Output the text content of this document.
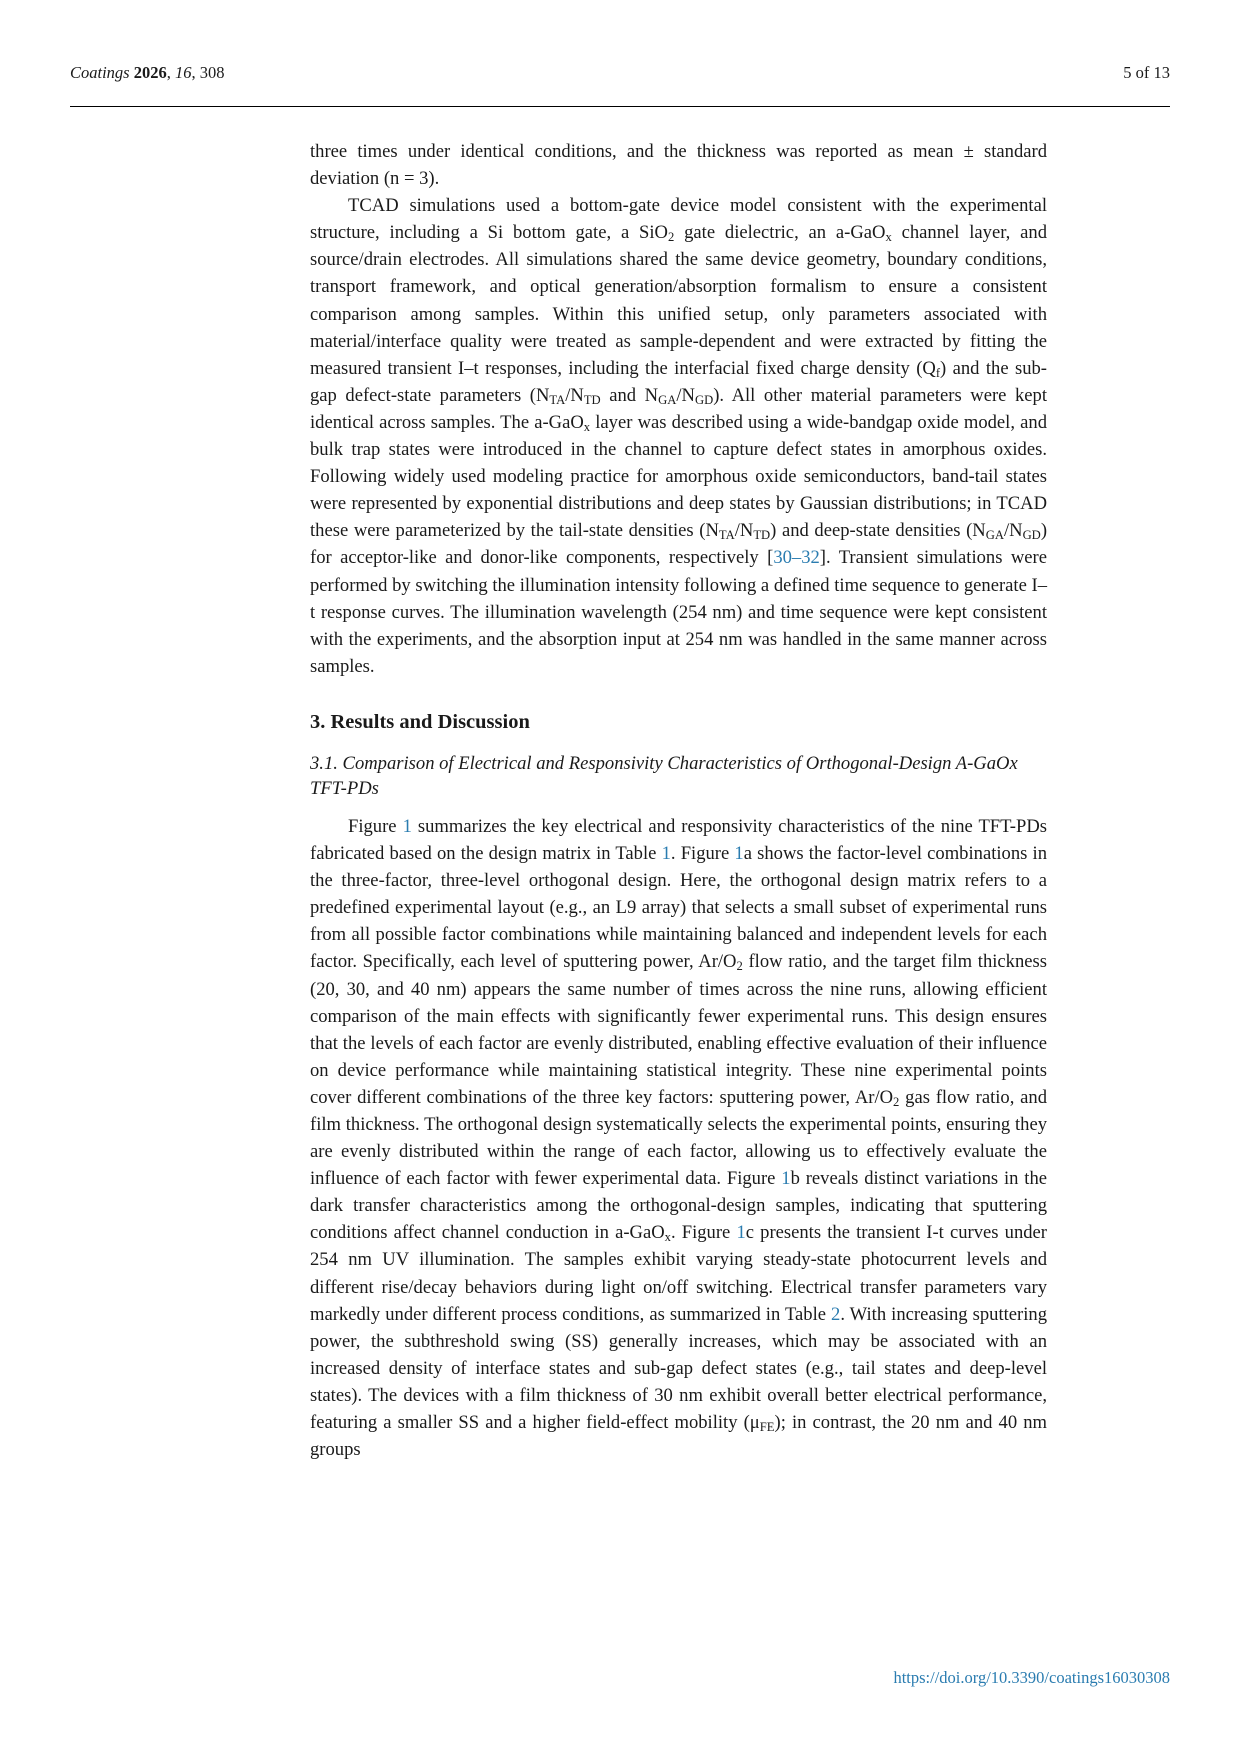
Coatings 2026, 16, 308	5 of 13

three times under identical conditions, and the thickness was reported as mean ± standard deviation (n = 3).

TCAD simulations used a bottom-gate device model consistent with the experimental structure, including a Si bottom gate, a SiO$_2$ gate dielectric, an a-GaO$_x$ channel layer, and source/drain electrodes. All simulations shared the same device geometry, boundary conditions, transport framework, and optical generation/absorption formalism to ensure a consistent comparison among samples. Within this unified setup, only parameters associated with material/interface quality were treated as sample-dependent and were extracted by fitting the measured transient I–t responses, including the interfacial fixed charge density $(Q_f)$ and the sub-gap defect-state parameters ($N_{TA}/N_{TD}$ and $N_{GA}/N_{GD}$). All other material parameters were kept identical across samples. The a-GaO$_x$ layer was described using a wide-bandgap oxide model, and bulk trap states were introduced in the channel to capture defect states in amorphous oxides. Following widely used modeling practice for amorphous oxide semiconductors, band-tail states were represented by exponential distributions and deep states by Gaussian distributions; in TCAD these were parameterized by the tail-state densities $(N_{TA}/N_{TD})$ and deep-state densities $(N_{GA}/N_{GD})$ for acceptor-like and donor-like components, respectively [30–32]. Transient simulations were performed by switching the illumination intensity following a defined time sequence to generate I–t response curves. The illumination wavelength (254 nm) and time sequence were kept consistent with the experiments, and the absorption input at 254 nm was handled in the same manner across samples.

3. Results and Discussion
3.1. Comparison of Electrical and Responsivity Characteristics of Orthogonal-Design A-GaOx TFT-PDs

Figure 1 summarizes the key electrical and responsivity characteristics of the nine TFT-PDs fabricated based on the design matrix in Table 1. Figure 1a shows the factor-level combinations in the three-factor, three-level orthogonal design. Here, the orthogonal design matrix refers to a predefined experimental layout (e.g., an L9 array) that selects a small subset of experimental runs from all possible factor combinations while maintaining balanced and independent levels for each factor. Specifically, each level of sputtering power, $Ar/O_2$ flow ratio, and the target film thickness (20, 30, and 40 nm) appears the same number of times across the nine runs, allowing efficient comparison of the main effects with significantly fewer experimental runs. This design ensures that the levels of each factor are evenly distributed, enabling effective evaluation of their influence on device performance while maintaining statistical integrity. These nine experimental points cover different combinations of the three key factors: sputtering power, $Ar/O_2$ gas flow ratio, and film thickness. The orthogonal design systematically selects the experimental points, ensuring they are evenly distributed within the range of each factor, allowing us to effectively evaluate the influence of each factor with fewer experimental data. Figure 1b reveals distinct variations in the dark transfer characteristics among the orthogonal-design samples, indicating that sputtering conditions affect channel conduction in a-GaO$_x$. Figure 1c presents the transient I-t curves under 254 nm UV illumination. The samples exhibit varying steady-state photocurrent levels and different rise/decay behaviors during light on/off switching. Electrical transfer parameters vary markedly under different process conditions, as summarized in Table 2. With increasing sputtering power, the subthreshold swing (SS) generally increases, which may be associated with an increased density of interface states and sub-gap defect states (e.g., tail states and deep-level states). The devices with a film thickness of 30 nm exhibit overall better electrical performance, featuring a smaller SS and a higher field-effect mobility $(\mu_{FE})$; in contrast, the 20 nm and 40 nm groups

https://doi.org/10.3390/coatings16030308
